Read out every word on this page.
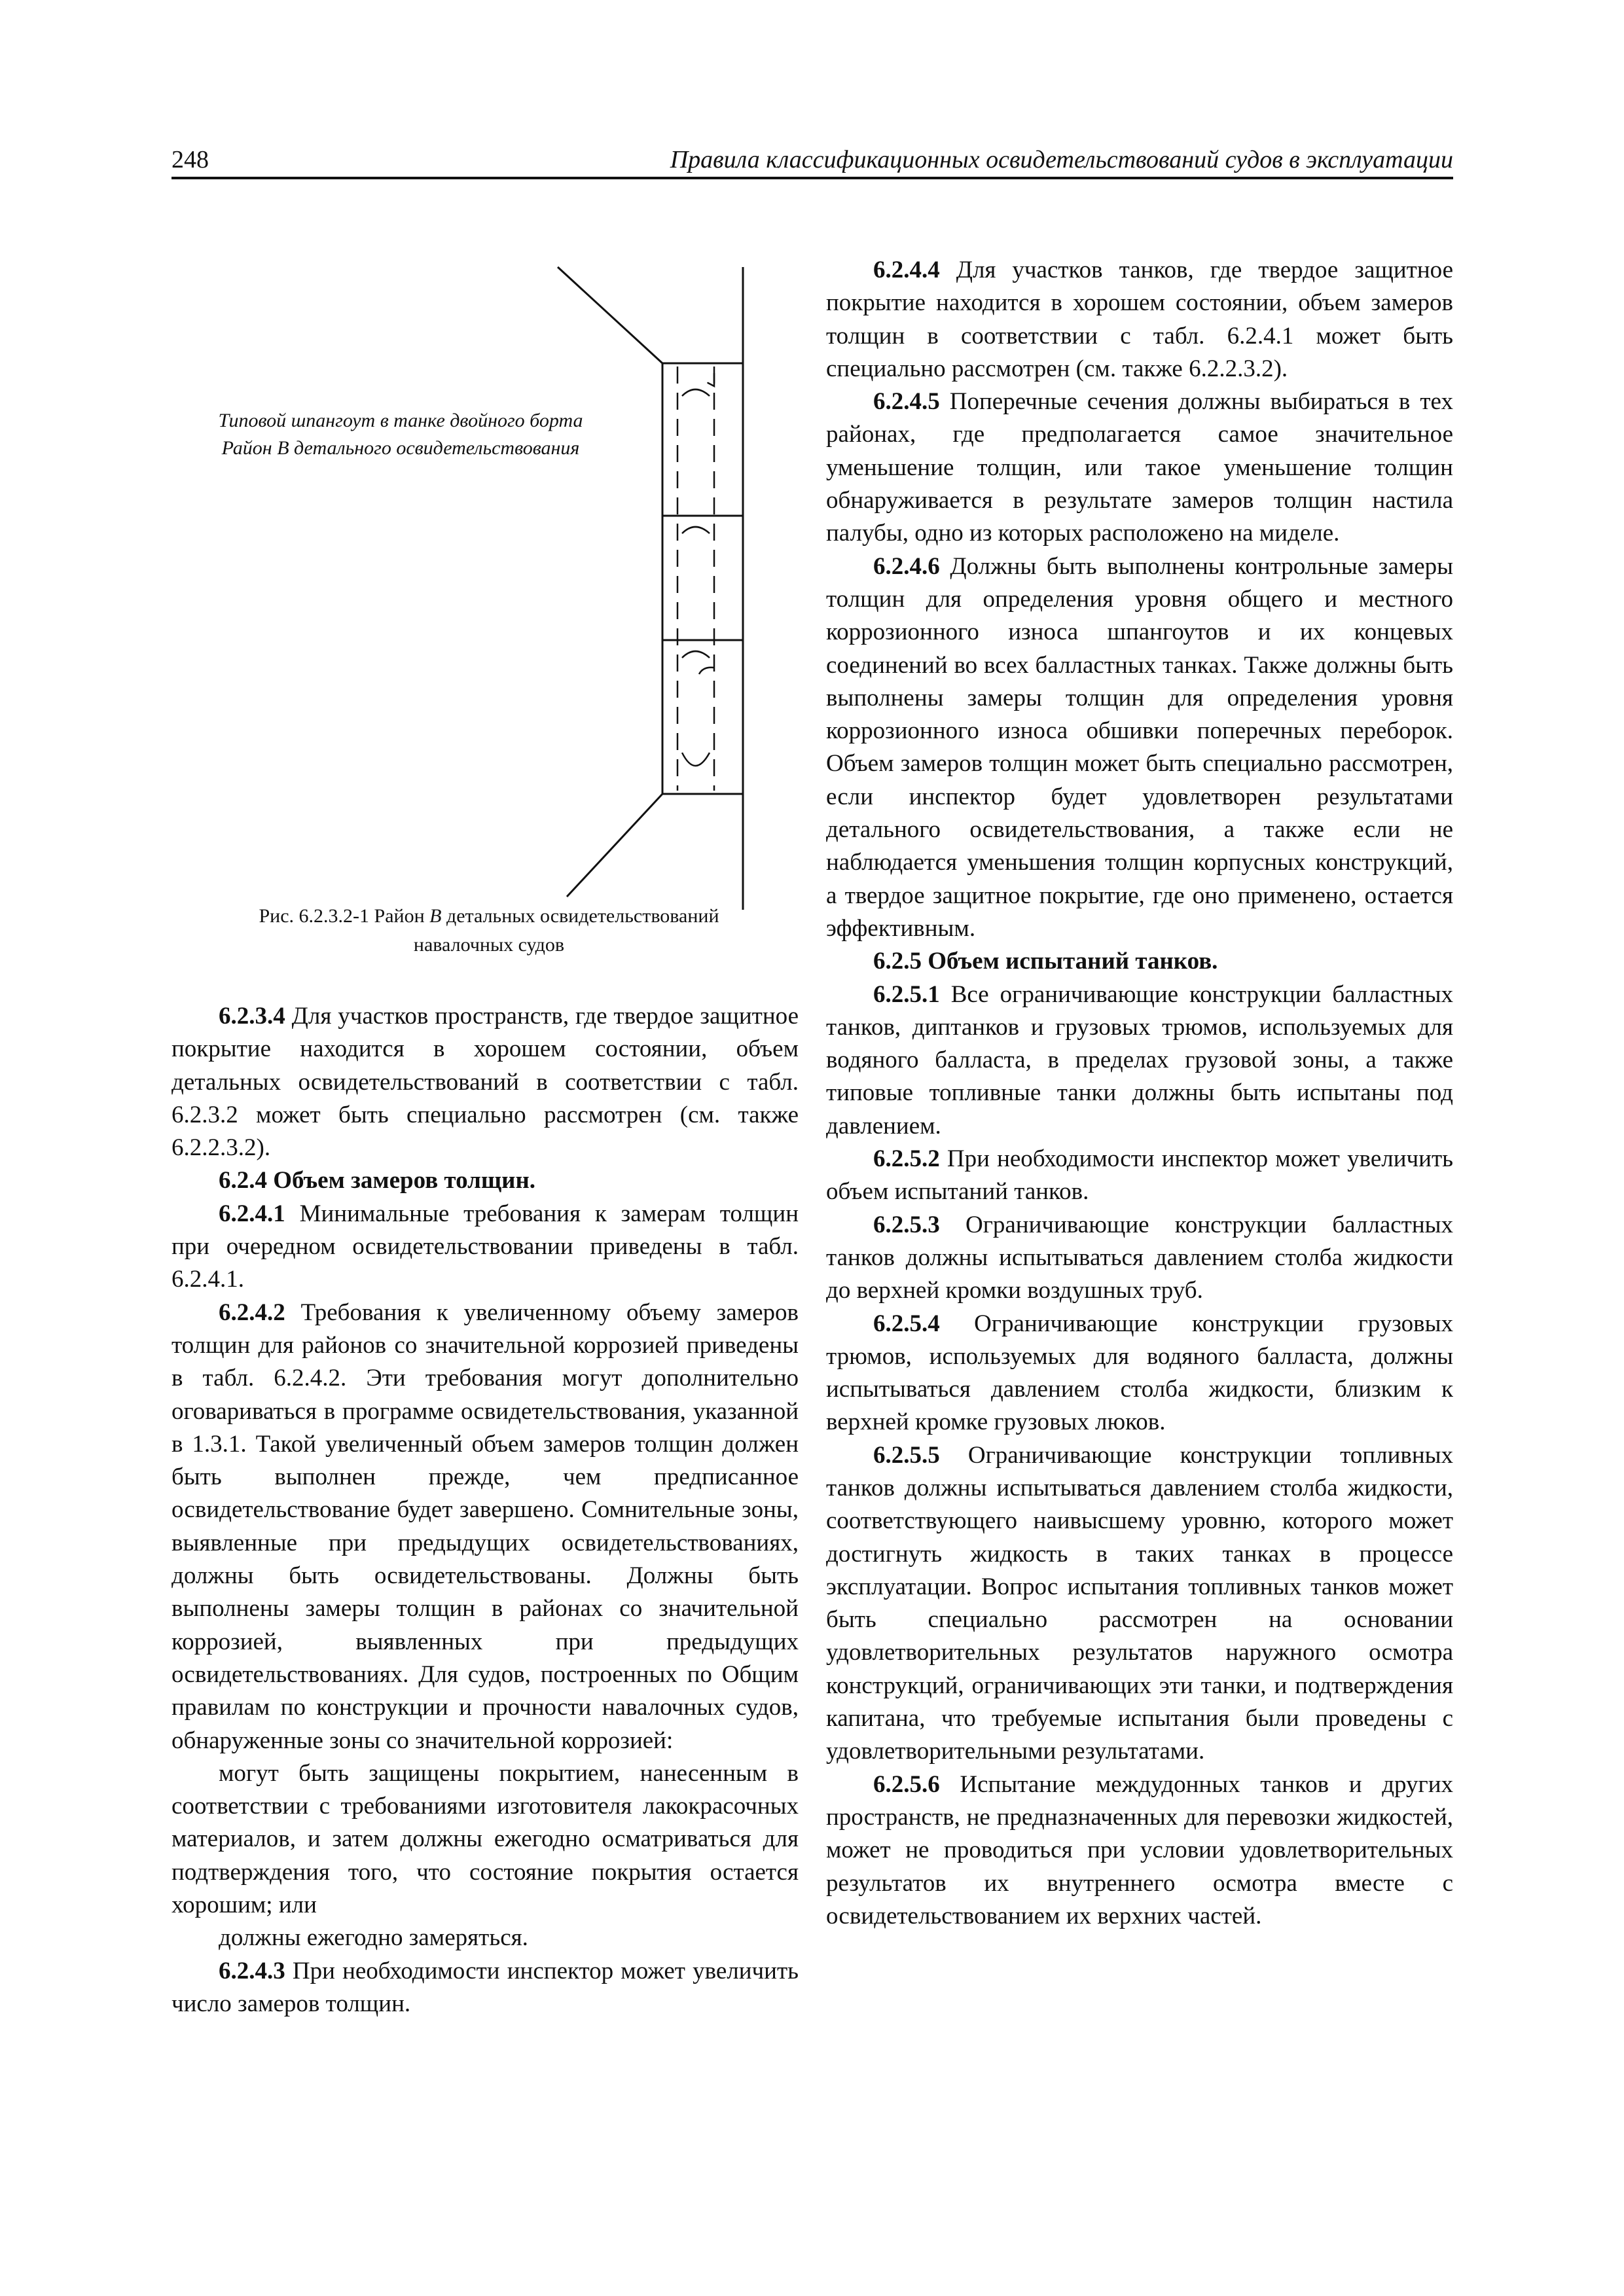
248	Правила классификационных освидетельствований судов в эксплуатации
Типовой шпангоут в танке двойного борта
Район В детального освидетельствования
Рис. 6.2.3.2-1 Район В детальных освидетельствований
навалочных судов

6.2.3.4 Для участков пространств, где твердое защитное покрытие находится в хорошем состоянии, объем детальных освидетельствований в соответствии с табл. 6.2.3.2 может быть специально рассмотрен (см. также 6.2.2.3.2).

6.2.4 Объем замеров толщин.

6.2.4.1 Минимальные требования к замерам толщин при очередном освидетельствовании приведены в табл. 6.2.4.1.

6.2.4.2 Требования к увеличенному объему замеров толщин для районов со значительной коррозией приведены в табл. 6.2.4.2. Эти требования могут дополнительно оговариваться в программе освидетельствования, указанной в 1.3.1. Такой увеличенный объем замеров толщин должен быть выполнен прежде, чем предписанное освидетельствование будет завершено. Сомнительные зоны, выявленные при предыдущих освидетельствованиях, должны быть освидетельствованы. Должны быть выполнены замеры толщин в районах со значительной коррозией, выявленных при предыдущих освидетельствованиях. Для судов, построенных по Общим правилам по конструкции и прочности навалочных судов, обнаруженные зоны со значительной коррозией:

могут быть защищены покрытием, нанесенным в соответствии с требованиями изготовителя лакокрасочных материалов, и затем должны ежегодно осматриваться для подтверждения того, что состояние покрытия остается хорошим; или

должны ежегодно замеряться.

6.2.4.3 При необходимости инспектор может увеличить число замеров толщин.

6.2.4.4 Для участков танков, где твердое защитное покрытие находится в хорошем состоянии, объем замеров толщин в соответствии с табл. 6.2.4.1 может быть специально рассмотрен (см. также 6.2.2.3.2).

6.2.4.5 Поперечные сечения должны выбираться в тех районах, где предполагается самое значительное уменьшение толщин, или такое уменьшение толщин обнаруживается в результате замеров толщин настила палубы, одно из которых расположено на миделе.

6.2.4.6 Должны быть выполнены контрольные замеры толщин для определения уровня общего и местного коррозионного износа шпангоутов и их концевых соединений во всех балластных танках. Также должны быть выполнены замеры толщин для определения уровня коррозионного износа обшивки поперечных переборок. Объем замеров толщин может быть специально рассмотрен, если инспектор будет удовлетворен результатами детального освидетельствования, а также если не наблюдается уменьшения толщин корпусных конструкций, а твердое защитное покрытие, где оно применено, остается эффективным.

6.2.5 Объем испытаний танков.

6.2.5.1 Все ограничивающие конструкции балластных танков, диптанков и грузовых трюмов, используемых для водяного балласта, в пределах грузовой зоны, а также типовые топливные танки должны быть испытаны под давлением.

6.2.5.2 При необходимости инспектор может увеличить объем испытаний танков.

6.2.5.3 Ограничивающие конструкции балластных танков должны испытываться давлением столба жидкости до верхней кромки воздушных труб.

6.2.5.4 Ограничивающие конструкции грузовых трюмов, используемых для водяного балласта, должны испытываться давлением столба жидкости, близким к верхней кромке грузовых люков.

6.2.5.5 Ограничивающие конструкции топливных танков должны испытываться давлением столба жидкости, соответствующего наивысшему уровню, которого может достигнуть жидкость в таких танках в процессе эксплуатации. Вопрос испытания топливных танков может быть специально рассмотрен на основании удовлетворительных результатов наружного осмотра конструкций, ограничивающих эти танки, и подтверждения капитана, что требуемые испытания были проведены с удовлетворительными результатами.

6.2.5.6 Испытание междудонных танков и других пространств, не предназначенных для перевозки жидкостей, может не проводиться при условии удовлетворительных результатов их внутреннего осмотра вместе с освидетельствованием их верхних частей.
